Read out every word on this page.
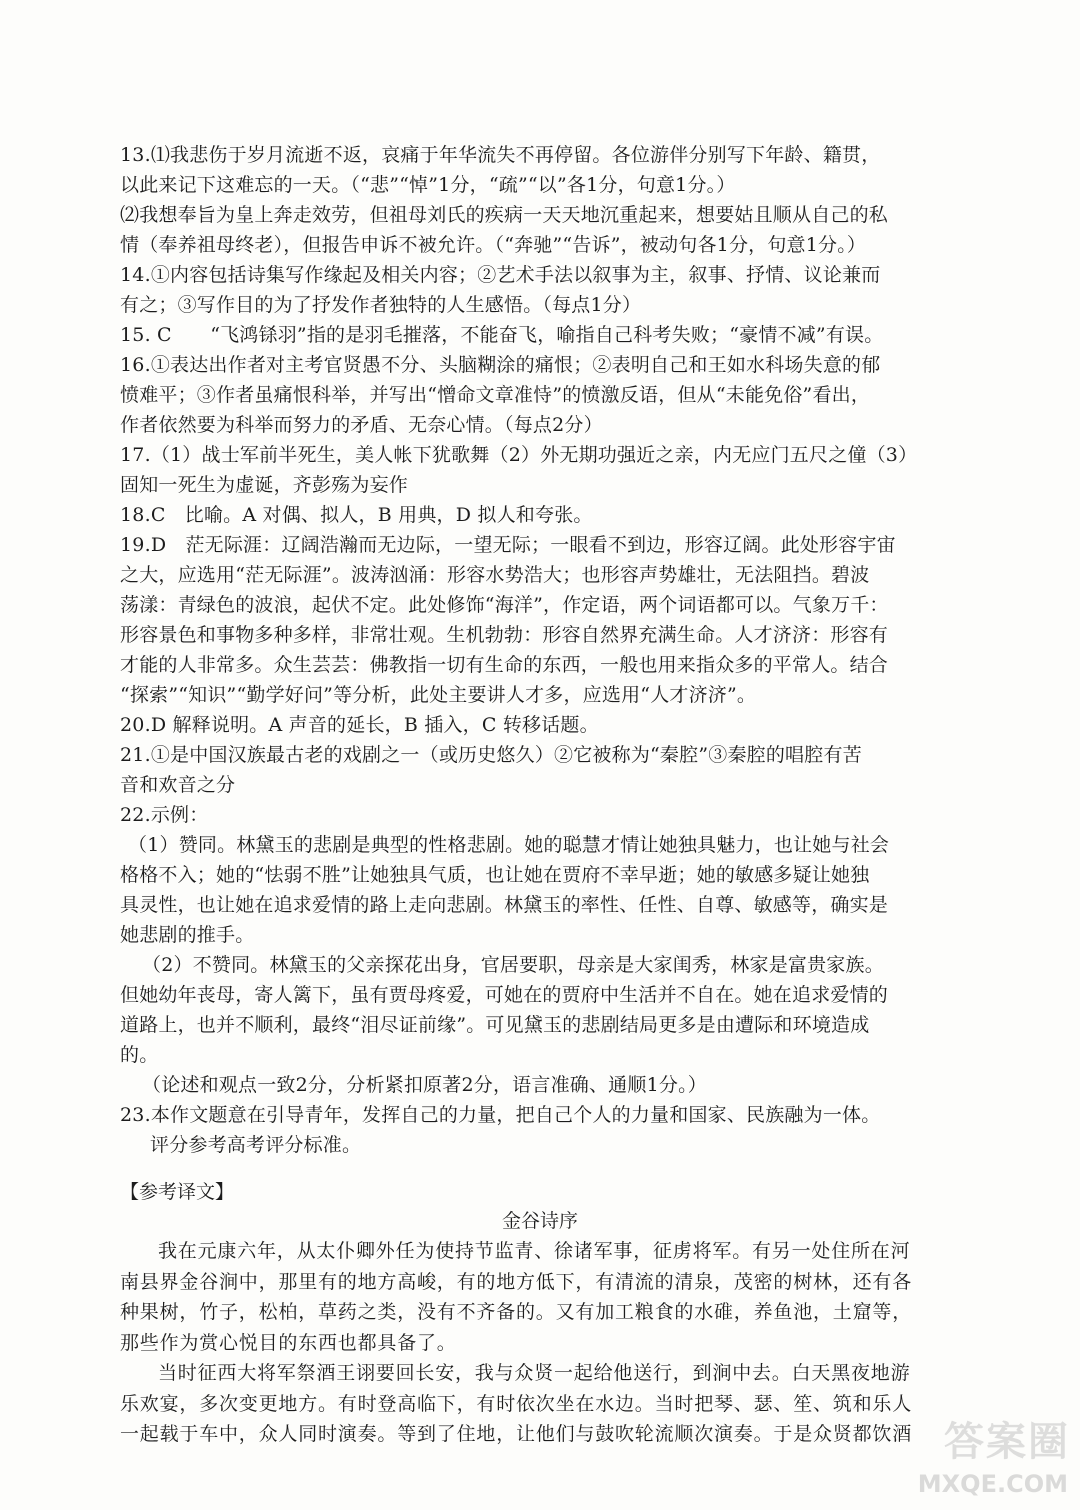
13.⑴我悲伤于岁月流逝不返，哀痛于年华流失不再停留。各位游伴分别写下年龄、籍贯，

以此来记下这难忘的一天。（“悲”“悼”1分，“疏”“以”各1分，句意1分。）

⑵我想奉旨为皇上奔走效劳，但祖母刘氏的疾病一天天地沉重起来，想要姑且顺从自己的私

情（奉养祖母终老），但报告申诉不被允许。（“奔驰”“告诉”，被动句各1分，句意1分。）

14.①内容包括诗集写作缘起及相关内容；②艺术手法以叙事为主，叙事、抒情、议论兼而

有之；③写作目的为了抒发作者独特的人生感悟。（每点1分）

15. C　　“飞鸿铩羽”指的是羽毛摧落，不能奋飞，喻指自己科考失败；“豪情不减”有误。

16.①表达出作者对主考官贤愚不分、头脑糊涂的痛恨；②表明自己和王如水科场失意的郁

愤难平；③作者虽痛恨科举，并写出“憎命文章准恃”的愤激反语，但从“未能免俗”看出，

作者依然要为科举而努力的矛盾、无奈心情。（每点2分）

17.（1）战士军前半死生，美人帐下犹歌舞（2）外无期功强近之亲，内无应门五尺之僮（3）

固知一死生为虚诞，齐彭殇为妄作

18.C　比喻。A 对偶、拟人，B 用典，D 拟人和夸张。

19.D　茫无际涯：辽阔浩瀚而无边际，一望无际；一眼看不到边，形容辽阔。此处形容宇宙

之大，应选用“茫无际涯”。波涛汹涌：形容水势浩大；也形容声势雄壮，无法阻挡。碧波

荡漾：青绿色的波浪，起伏不定。此处修饰“海洋”，作定语，两个词语都可以。气象万千：

形容景色和事物多种多样，非常壮观。生机勃勃：形容自然界充满生命。人才济济：形容有

才能的人非常多。众生芸芸：佛教指一切有生命的东西，一般也用来指众多的平常人。结合

“探索”“知识”“勤学好问”等分析，此处主要讲人才多，应选用“人才济济”。

20.D 解释说明。A 声音的延长，B 插入，C 转移话题。

21.①是中国汉族最古老的戏剧之一（或历史悠久）②它被称为“秦腔”③秦腔的唱腔有苦

音和欢音之分

22.示例：

（1）赞同。林黛玉的悲剧是典型的性格悲剧。她的聪慧才情让她独具魅力，也让她与社会

格格不入；她的“怯弱不胜”让她独具气质，也让她在贾府不幸早逝；她的敏感多疑让她独

具灵性，也让她在追求爱情的路上走向悲剧。林黛玉的率性、任性、自尊、敏感等，确实是

她悲剧的推手。

（2）不赞同。林黛玉的父亲探花出身，官居要职，母亲是大家闺秀，林家是富贵家族。

但她幼年丧母，寄人篱下，虽有贾母疼爱，可她在的贾府中生活并不自在。她在追求爱情的

道路上，也并不顺利，最终“泪尽证前缘”。可见黛玉的悲剧结局更多是由遭际和环境造成

的。

（论述和观点一致2分，分析紧扣原著2分，语言准确、通顺1分。）

23.本作文题意在引导青年，发挥自己的力量，把自己个人的力量和国家、民族融为一体。

评分参考高考评分标准。

【参考译文】
金谷诗序

我在元康六年，从太仆卿外任为使持节监青、徐诸军事，征虏将军。有另一处住所在河南县界金谷涧中，那里有的地方高峻，有的地方低下，有清流的清泉，茂密的树林，还有各种果树，竹子，松柏，草药之类，没有不齐备的。又有加工粮食的水碓，养鱼池，土窟等，那些作为赏心悦目的东西也都具备了。

当时征西大将军祭酒王诩要回长安，我与众贤一起给他送行，到涧中去。白天黑夜地游乐欢宴，多次变更地方。有时登高临下，有时依次坐在水边。当时把琴、瑟、笙、筑和乐人一起载于车中，众人同时演奏。等到了住地，让他们与鼓吹轮流顺次演奏。于是众贤都饮酒 答案圈
MXQE.COM
